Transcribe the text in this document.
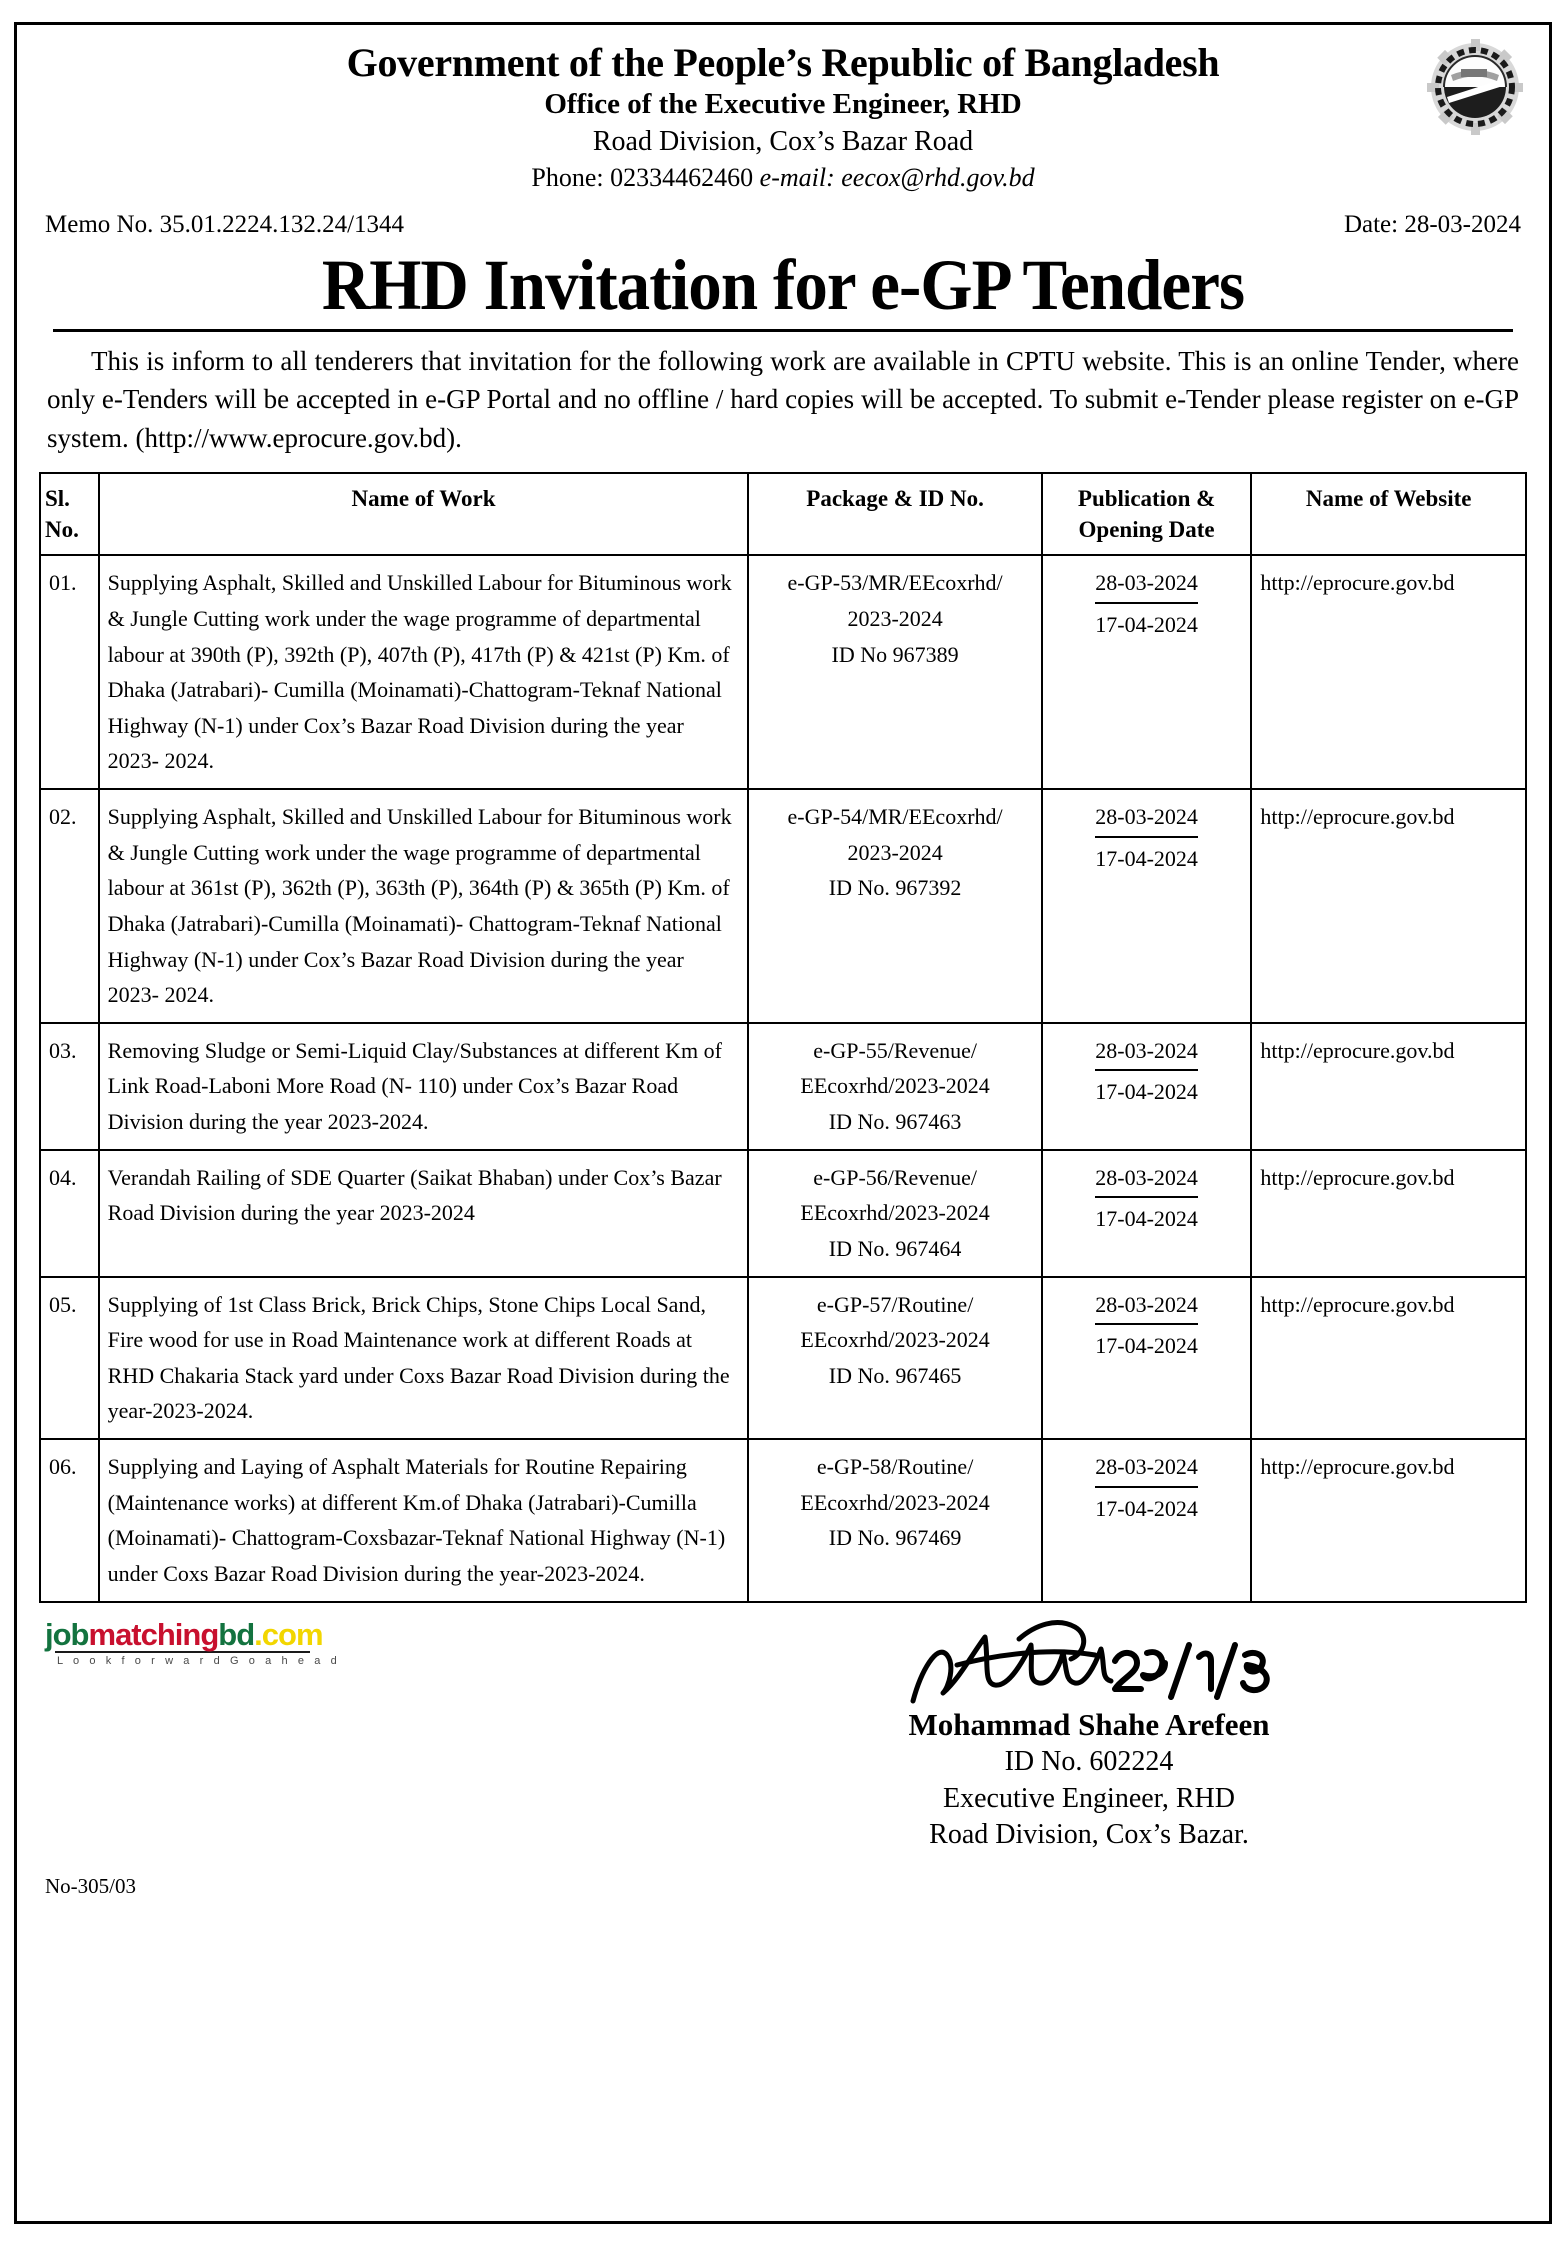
Government of the People’s Republic of Bangladesh
Office of the Executive Engineer, RHD
Road Division, Cox’s Bazar Road
Phone: 02334462460 e-mail: eecox@rhd.gov.bd
Memo No. 35.01.2224.132.24/1344	Date: 28-03-2024
RHD Invitation for e-GP Tenders

This is inform to all tenderers that invitation for the following work are available in CPTU website. This is an online Tender, where only e-Tenders will be accepted in e-GP Portal and no offline / hard copies will be accepted. To submit e-Tender please register on e-GP system. (http://www.eprocure.gov.bd).

Sl. No.	Name of Work	Package & ID No.	Publication & Opening Date	Name of Website
01.	Supplying Asphalt, Skilled and Unskilled Labour for Bituminous work & Jungle Cutting work under the wage programme of departmental labour at 390th (P), 392th (P), 407th (P), 417th (P) & 421st (P) Km. of Dhaka (Jatrabari)- Cumilla (Moinamati)-Chattogram-Teknaf National Highway (N-1) under Cox’s Bazar Road Division during the year 2023- 2024.	e-GP-53/MR/EEcoxrhd/
2023-2024
ID No 967389	28-03-2024
17-04-2024
	http://eprocure.gov.bd
02.	Supplying Asphalt, Skilled and Unskilled Labour for Bituminous work & Jungle Cutting work under the wage programme of departmental labour at 361st (P), 362th (P), 363th (P), 364th (P) & 365th (P) Km. of Dhaka (Jatrabari)-Cumilla (Moinamati)- Chattogram-Teknaf National Highway (N-1) under Cox’s Bazar Road Division during the year 2023- 2024.	e-GP-54/MR/EEcoxrhd/
2023-2024
ID No. 967392	28-03-2024
17-04-2024
	http://eprocure.gov.bd
03.	Removing Sludge or Semi-Liquid Clay/Substances at different Km of Link Road-Laboni More Road (N- 110) under Cox’s Bazar Road Division during the year 2023-2024.	e-GP-55/Revenue/
EEcoxrhd/2023-2024
ID No. 967463	28-03-2024
17-04-2024	http://eprocure.gov.bd
04.	Verandah Railing of SDE Quarter (Saikat Bhaban) under Cox’s Bazar Road Division during the year 2023-2024	e-GP-56/Revenue/
EEcoxrhd/2023-2024
ID No. 967464	28-03-2024
17-04-2024	http://eprocure.gov.bd
05.	Supplying of 1st Class Brick, Brick Chips, Stone Chips Local Sand, Fire wood for use in Road Maintenance work at different Roads at RHD Chakaria Stack yard under Coxs Bazar Road Division during the year-2023-2024.	e-GP-57/Routine/
EEcoxrhd/2023-2024
ID No. 967465	28-03-2024
17-04-2024
	http://eprocure.gov.bd
06.	Supplying and Laying of Asphalt Materials for Routine Repairing (Maintenance works) at different Km.of Dhaka (Jatrabari)-Cumilla (Moinamati)- Chattogram-Coxsbazar-Teknaf National Highway (N-1) under Coxs Bazar Road Division during the year-2023-2024.	e-GP-58/Routine/
EEcoxrhd/2023-2024
ID No. 967469	28-03-2024
17-04-2024
	http://eprocure.gov.bd
jobmatchingbd.com
L o o k f o r w a r d G o a h e a d
Mohammad Shahe Arefeen
ID No. 602224
Executive Engineer, RHD
Road Division, Cox’s Bazar.
No-305/03
